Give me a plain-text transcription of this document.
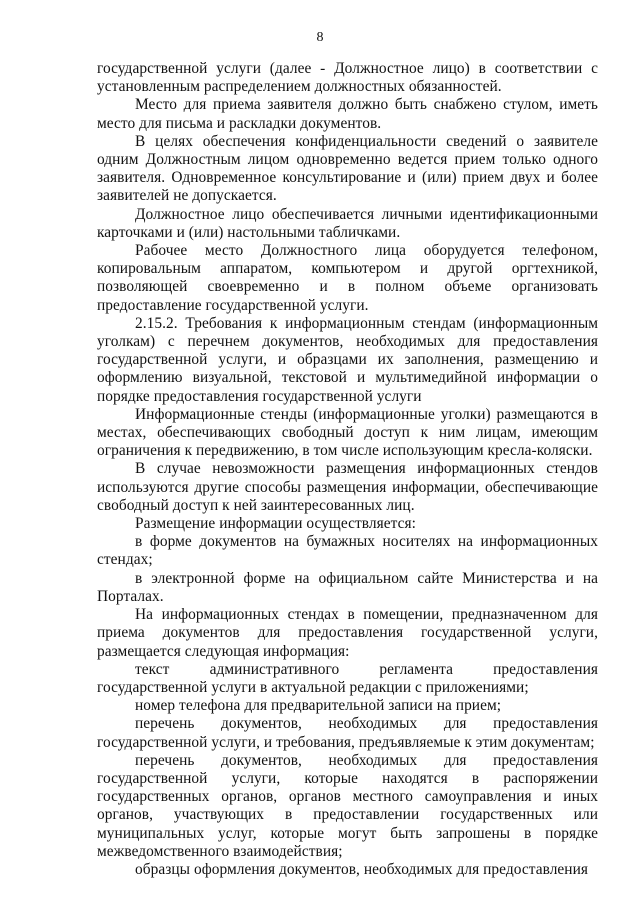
8

государственной услуги (далее - Должностное лицо) в соответствии с установленным распределением должностных обязанностей.

Место для приема заявителя должно быть снабжено стулом, иметь место для письма и раскладки документов.

В целях обеспечения конфиденциальности сведений о заявителе одним Должностным лицом одновременно ведется прием только одного заявителя. Одновременное консультирование и (или) прием двух и более заявителей не допускается.

Должностное лицо обеспечивается личными идентификационными карточками и (или) настольными табличками.

Рабочее место Должностного лица оборудуется телефоном, копировальным аппаратом, компьютером и другой оргтехникой, позволяющей своевременно и в полном объеме организовать предоставление государственной услуги.

2.15.2. Требования к информационным стендам (информационным уголкам) с перечнем документов, необходимых для предоставления государственной услуги, и образцами их заполнения, размещению и оформлению визуальной, текстовой и мультимедийной информации о порядке предоставления государственной услуги

Информационные стенды (информационные уголки) размещаются в местах, обеспечивающих свободный доступ к ним лицам, имеющим ограничения к передвижению, в том числе использующим кресла-коляски.

В случае невозможности размещения информационных стендов используются другие способы размещения информации, обеспечивающие свободный доступ к ней заинтересованных лиц.

Размещение информации осуществляется:

в форме документов на бумажных носителях на информационных стендах;

в электронной форме на официальном сайте Министерства и на Порталах.

На информационных стендах в помещении, предназначенном для приема документов для предоставления государственной услуги, размещается следующая информация:

текст административного регламента предоставления государственной услуги в актуальной редакции с приложениями;

номер телефона для предварительной записи на прием;

перечень документов, необходимых для предоставления государственной услуги, и требования, предъявляемые к этим документам;

перечень документов, необходимых для предоставления государственной услуги, которые находятся в распоряжении государственных органов, органов местного самоуправления и иных органов, участвующих в предоставлении государственных или муниципальных услуг, которые могут быть запрошены в порядке межведомственного взаимодействия;

образцы оформления документов, необходимых для предоставления
